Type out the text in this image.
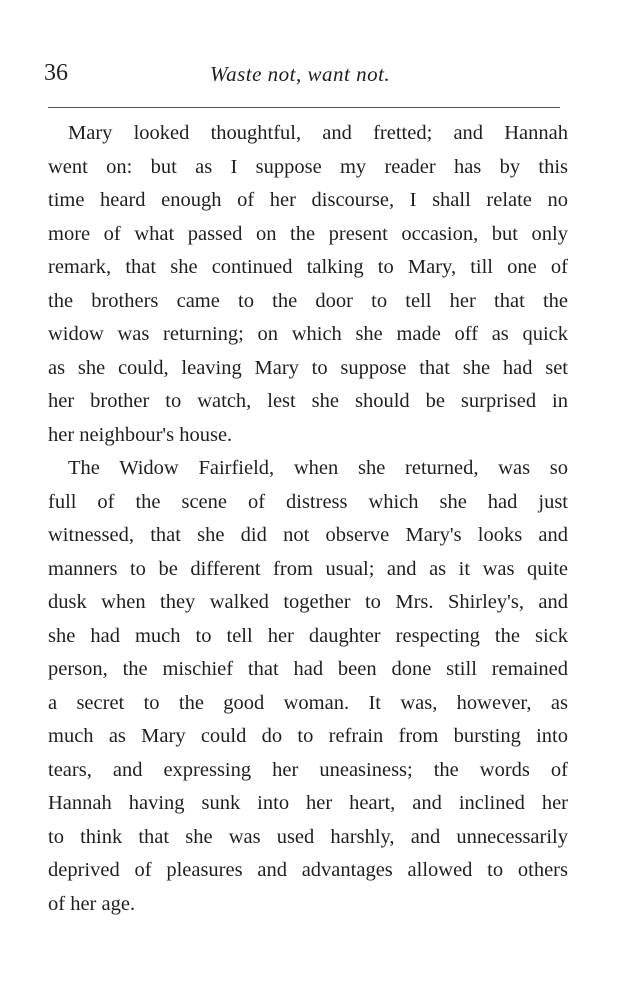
36	Waste not, want not.
Mary looked thoughtful, and fretted; and Hannah
went on: but as I suppose my reader has by this
time heard enough of her discourse, I shall relate no
more of what passed on the present occasion, but only
remark, that she continued talking to Mary, till one of
the brothers came to the door to tell her that the
widow was returning; on which she made off as quick
as she could, leaving Mary to suppose that she had set
her brother to watch, lest she should be surprised in
her neighbour's house.
The Widow Fairfield, when she returned, was so
full of the scene of distress which she had just
witnessed, that she did not observe Mary's looks and
manners to be different from usual; and as it was quite
dusk when they walked together to Mrs. Shirley's, and
she had much to tell her daughter respecting the sick
person, the mischief that had been done still remained
a secret to the good woman. It was, however, as
much as Mary could do to refrain from bursting into
tears, and expressing her uneasiness; the words of
Hannah having sunk into her heart, and inclined her
to think that she was used harshly, and unnecessarily
deprived of pleasures and advantages allowed to others
of her age.
